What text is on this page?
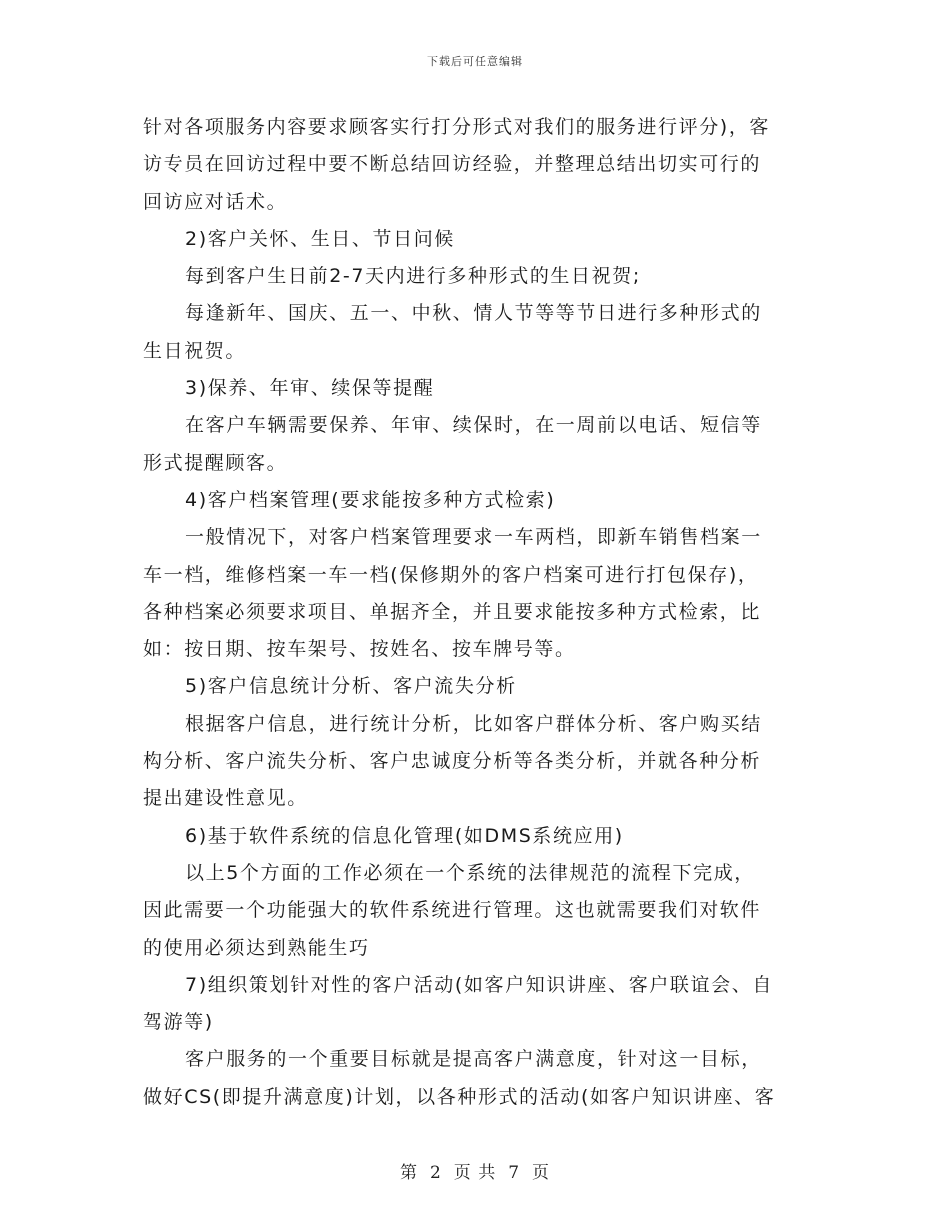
下载后可任意编辑
针对各项服务内容要求顾客实行打分形式对我们的服务进行评分)，客
访专员在回访过程中要不断总结回访经验，并整理总结出切实可行的
回访应对话术。
2)客户关怀、生日、节日问候
每到客户生日前2-7天内进行多种形式的生日祝贺;
每逢新年、国庆、五一、中秋、情人节等等节日进行多种形式的
生日祝贺。
3)保养、年审、续保等提醒
在客户车辆需要保养、年审、续保时，在一周前以电话、短信等
形式提醒顾客。
4)客户档案管理(要求能按多种方式检索)
一般情况下，对客户档案管理要求一车两档，即新车销售档案一
车一档，维修档案一车一档(保修期外的客户档案可进行打包保存)，
各种档案必须要求项目、单据齐全，并且要求能按多种方式检索，比
如：按日期、按车架号、按姓名、按车牌号等。
5)客户信息统计分析、客户流失分析
根据客户信息，进行统计分析，比如客户群体分析、客户购买结
构分析、客户流失分析、客户忠诚度分析等各类分析，并就各种分析
提出建设性意见。
6)基于软件系统的信息化管理(如DMS系统应用)
以上5个方面的工作必须在一个系统的法律规范的流程下完成，
因此需要一个功能强大的软件系统进行管理。这也就需要我们对软件
的使用必须达到熟能生巧
7)组织策划针对性的客户活动(如客户知识讲座、客户联谊会、自
驾游等)
客户服务的一个重要目标就是提高客户满意度，针对这一目标，
做好CS(即提升满意度)计划，以各种形式的活动(如客户知识讲座、客
第 2 页 共 7 页
